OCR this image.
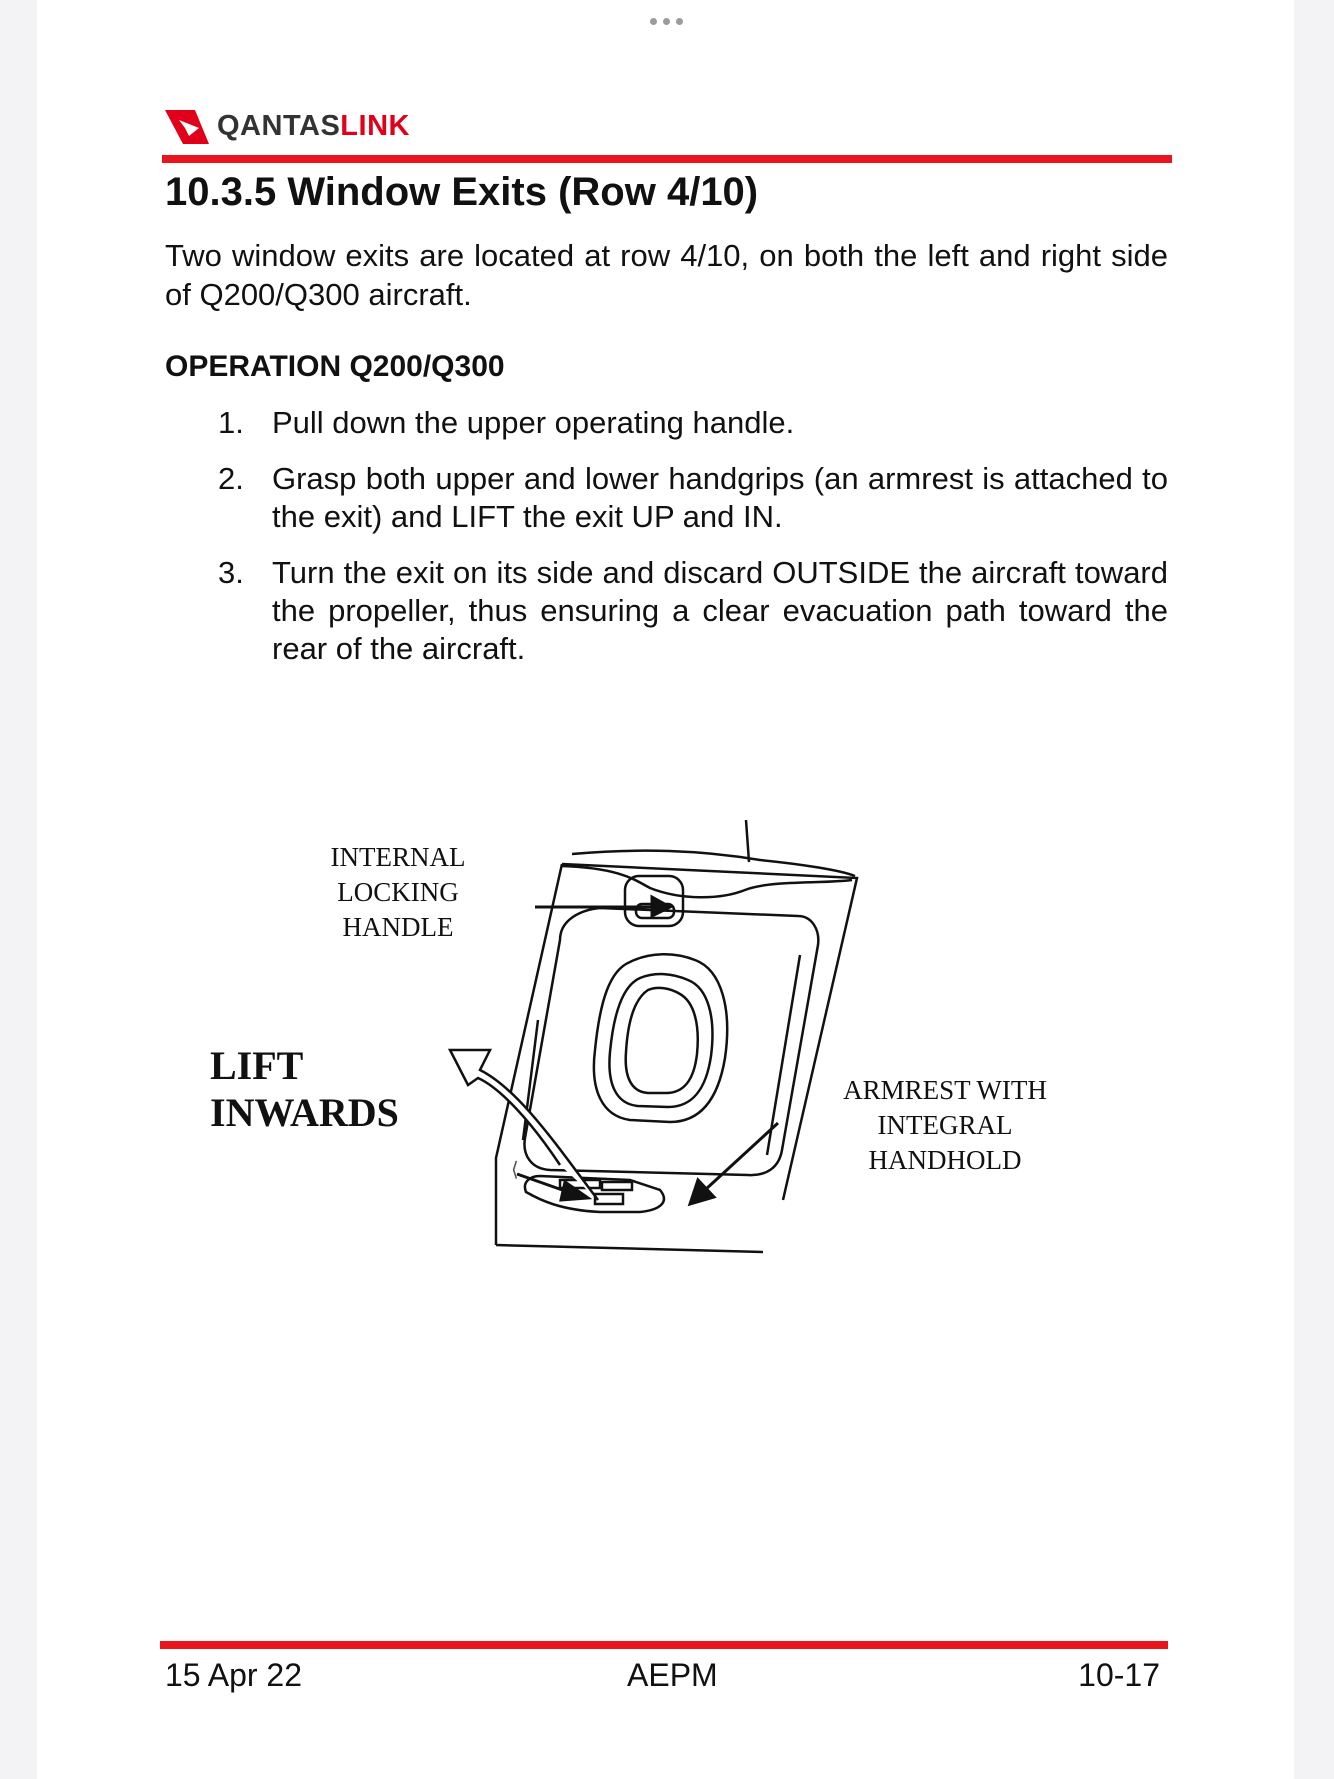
QANTASLINK
10.3.5 Window Exits (Row 4/10)

Two window exits are located at row 4/10, on both the left and right side of Q200/Q300 aircraft.

OPERATION Q200/Q300
1. Pull down the upper operating handle.
2. Grasp both upper and lower handgrips (an armrest is attached to the exit) and LIFT the exit UP and IN.
3. Turn the exit on its side and discard OUTSIDE the aircraft toward the propeller, thus ensuring a clear evacuation path toward the rear of the aircraft.
⟨
INTERNAL LOCKING
HANDLE
LIFT INWARDS	ARMREST WITH
INTEGRAL HANDHOLD
15 Apr 22	AEPM	10-17
